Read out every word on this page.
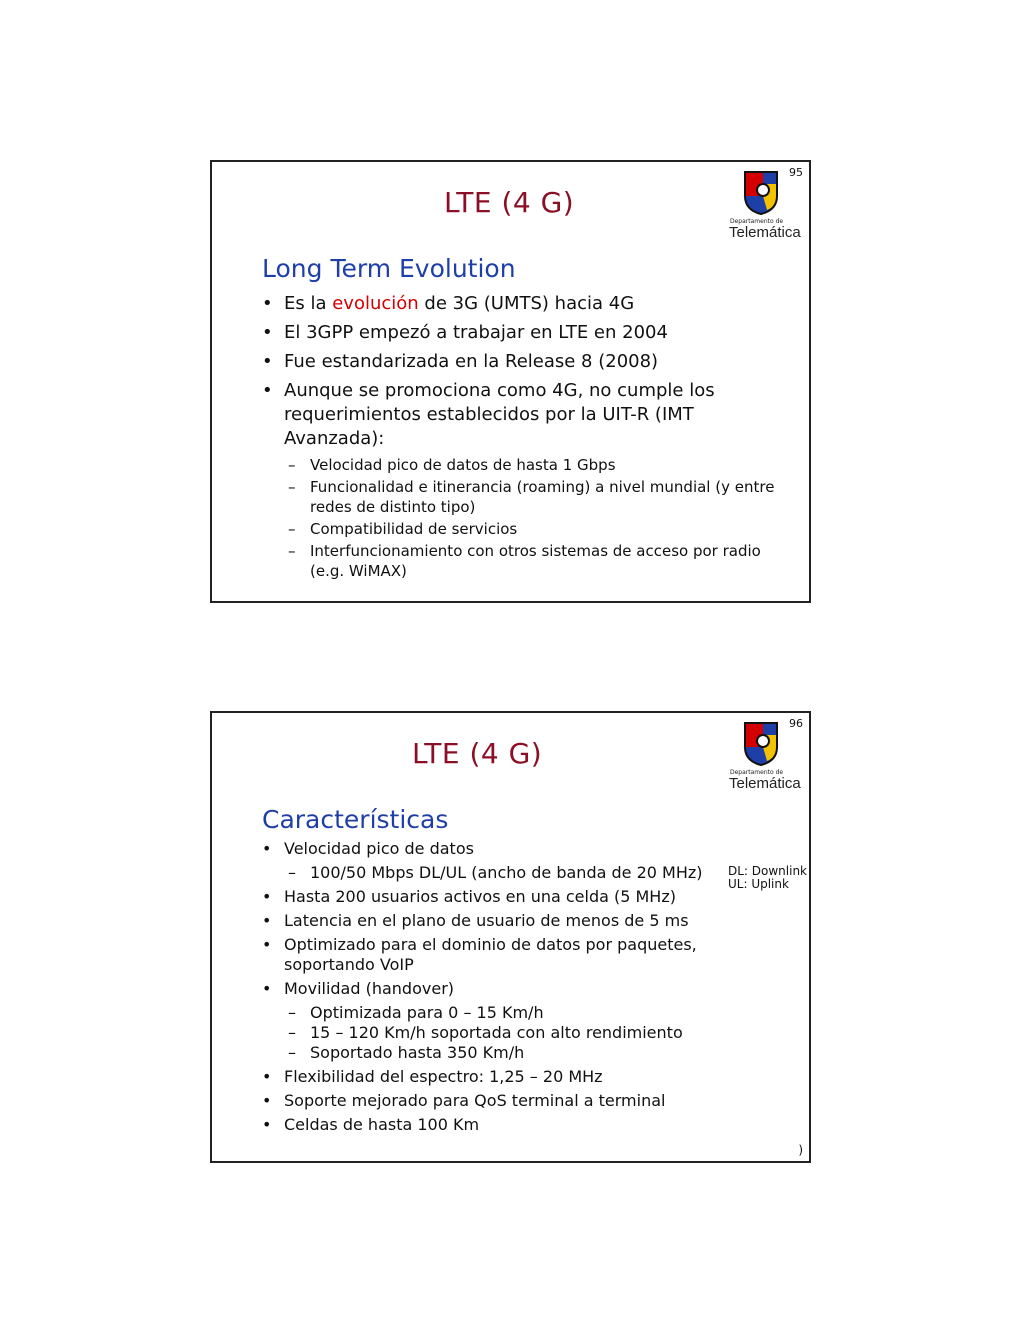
95
LTE (4 G)
Departamento de
Telemática
Long Term Evolution
• Es la evolución de 3G (UMTS) hacia 4G
• El 3GPP empezó a trabajar en LTE en 2004
• Fue estandarizada en la Release 8 (2008)
• Aunque se promociona como 4G, no cumple los requerimientos establecidos por la UIT-R (IMT Avanzada):
– Velocidad pico de datos de hasta 1 Gbps
– Funcionalidad e itinerancia (roaming) a nivel mundial (y entre redes de distinto tipo)
– Compatibilidad de servicios
– Interfuncionamiento con otros sistemas de acceso por radio (e.g. WiMAX)
96
LTE (4 G)
Departamento de
Telemática
Características
DL: Downlink
UL: Uplink
• Velocidad pico de datos
– 100/50 Mbps DL/UL (ancho de banda de 20 MHz)
• Hasta 200 usuarios activos en una celda (5 MHz)
• Latencia en el plano de usuario de menos de 5 ms
• Optimizado para el dominio de datos por paquetes, soportando VoIP
• Movilidad (handover)
– Optimizada para 0 – 15 Km/h
– 15 – 120 Km/h soportada con alto rendimiento
– Soportado hasta 350 Km/h
• Flexibilidad del espectro: 1,25 – 20 MHz
• Soporte mejorado para QoS terminal a terminal
• Celdas de hasta 100 Km
)
